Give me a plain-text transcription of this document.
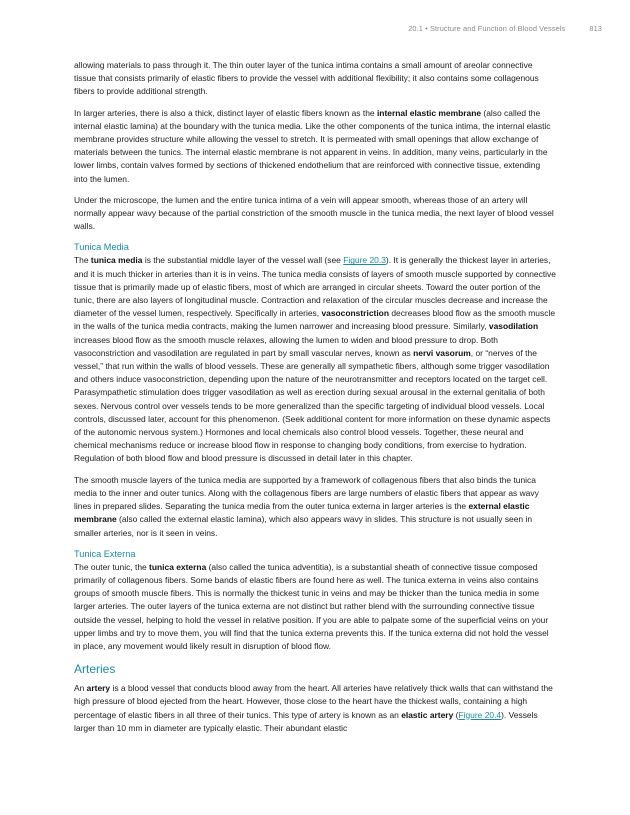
20.1 • Structure and Function of Blood Vessels	813

allowing materials to pass through it. The thin outer layer of the tunica intima contains a small amount of areolar connective tissue that consists primarily of elastic fibers to provide the vessel with additional flexibility; it also contains some collagenous fibers to provide additional strength.

In larger arteries, there is also a thick, distinct layer of elastic fibers known as the internal elastic membrane (also called the internal elastic lamina) at the boundary with the tunica media. Like the other components of the tunica intima, the internal elastic membrane provides structure while allowing the vessel to stretch. It is permeated with small openings that allow exchange of materials between the tunics. The internal elastic membrane is not apparent in veins. In addition, many veins, particularly in the lower limbs, contain valves formed by sections of thickened endothelium that are reinforced with connective tissue, extending into the lumen.

Under the microscope, the lumen and the entire tunica intima of a vein will appear smooth, whereas those of an artery will normally appear wavy because of the partial constriction of the smooth muscle in the tunica media, the next layer of blood vessel walls.

Tunica Media

The tunica media is the substantial middle layer of the vessel wall (see Figure 20.3). It is generally the thickest layer in arteries, and it is much thicker in arteries than it is in veins. The tunica media consists of layers of smooth muscle supported by connective tissue that is primarily made up of elastic fibers, most of which are arranged in circular sheets. Toward the outer portion of the tunic, there are also layers of longitudinal muscle. Contraction and relaxation of the circular muscles decrease and increase the diameter of the vessel lumen, respectively. Specifically in arteries, vasoconstriction decreases blood flow as the smooth muscle in the walls of the tunica media contracts, making the lumen narrower and increasing blood pressure. Similarly, vasodilation increases blood flow as the smooth muscle relaxes, allowing the lumen to widen and blood pressure to drop. Both vasoconstriction and vasodilation are regulated in part by small vascular nerves, known as nervi vasorum, or “nerves of the vessel,” that run within the walls of blood vessels. These are generally all sympathetic fibers, although some trigger vasodilation and others induce vasoconstriction, depending upon the nature of the neurotransmitter and receptors located on the target cell. Parasympathetic stimulation does trigger vasodilation as well as erection during sexual arousal in the external genitalia of both sexes. Nervous control over vessels tends to be more generalized than the specific targeting of individual blood vessels. Local controls, discussed later, account for this phenomenon. (Seek additional content for more information on these dynamic aspects of the autonomic nervous system.) Hormones and local chemicals also control blood vessels. Together, these neural and chemical mechanisms reduce or increase blood flow in response to changing body conditions, from exercise to hydration. Regulation of both blood flow and blood pressure is discussed in detail later in this chapter.

The smooth muscle layers of the tunica media are supported by a framework of collagenous fibers that also binds the tunica media to the inner and outer tunics. Along with the collagenous fibers are large numbers of elastic fibers that appear as wavy lines in prepared slides. Separating the tunica media from the outer tunica externa in larger arteries is the external elastic membrane (also called the external elastic lamina), which also appears wavy in slides. This structure is not usually seen in smaller arteries, nor is it seen in veins.

Tunica Externa

The outer tunic, the tunica externa (also called the tunica adventitia), is a substantial sheath of connective tissue composed primarily of collagenous fibers. Some bands of elastic fibers are found here as well. The tunica externa in veins also contains groups of smooth muscle fibers. This is normally the thickest tunic in veins and may be thicker than the tunica media in some larger arteries. The outer layers of the tunica externa are not distinct but rather blend with the surrounding connective tissue outside the vessel, helping to hold the vessel in relative position. If you are able to palpate some of the superficial veins on your upper limbs and try to move them, you will find that the tunica externa prevents this. If the tunica externa did not hold the vessel in place, any movement would likely result in disruption of blood flow.

Arteries

An artery is a blood vessel that conducts blood away from the heart. All arteries have relatively thick walls that can withstand the high pressure of blood ejected from the heart. However, those close to the heart have the thickest walls, containing a high percentage of elastic fibers in all three of their tunics. This type of artery is known as an elastic artery (Figure 20.4). Vessels larger than 10 mm in diameter are typically elastic. Their abundant elastic
